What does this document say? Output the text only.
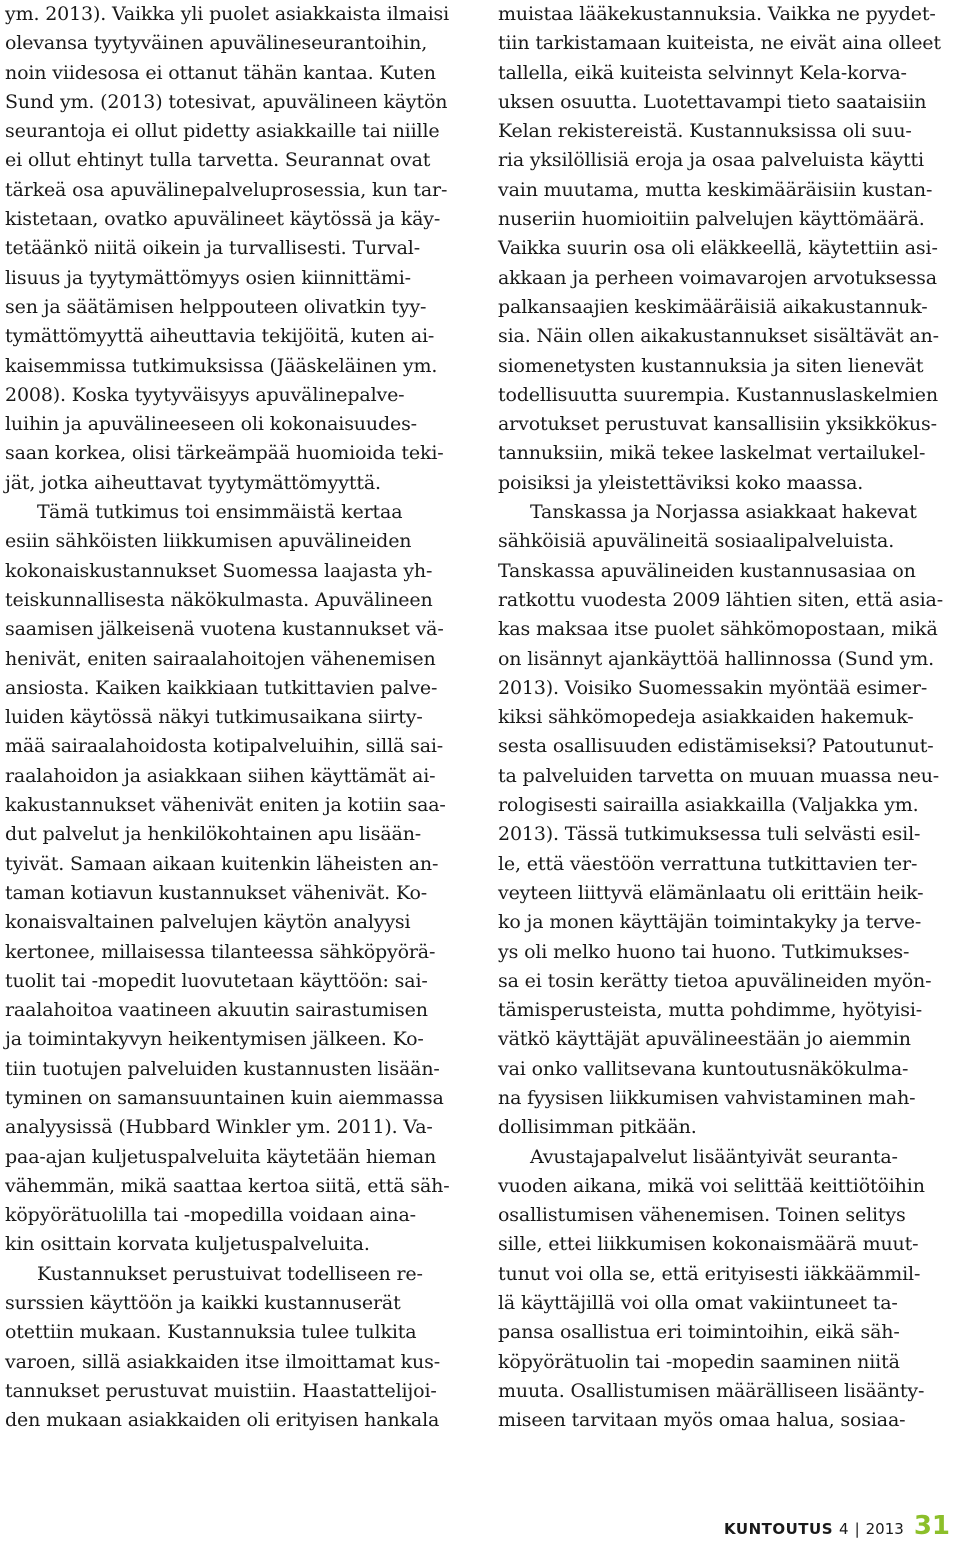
ym. 2013). Vaikka yli puolet asiakkaista ilmaisi
olevansa tyytyväinen apuvälineseurantoihin,
noin viidesosa ei ottanut tähän kantaa. Kuten
Sund ym. (2013) totesivat, apuvälineen käytön
seurantoja ei ollut pidetty asiakkaille tai niille
ei ollut ehtinyt tulla tarvetta. Seurannat ovat
tärkeä osa apuvälinepalveluprosessia, kun tar-
kistetaan, ovatko apuvälineet käytössä ja käy-
tetäänkö niitä oikein ja turvallisesti. Turval-
lisuus ja tyytymättömyys osien kiinnittämi-
sen ja säätämisen helppouteen olivatkin tyy-
tymättömyyttä aiheuttavia tekijöitä, kuten ai-
kaisemmissa tutkimuksissa (Jääskeläinen ym.
2008). Koska tyytyväisyys apuvälinepalve-
luihin ja apuvälineeseen oli kokonaisuudes-
saan korkea, olisi tärkeämpää huomioida teki-
jät, jotka aiheuttavat tyytymättömyyttä.
Tämä tutkimus toi ensimmäistä kertaa
esiin sähköisten liikkumisen apuvälineiden
kokonaiskustannukset Suomessa laajasta yh-
teiskunnallisesta näkökulmasta. Apuvälineen
saamisen jälkeisenä vuotena kustannukset vä-
henivät, eniten sairaalahoitojen vähenemisen
ansiosta. Kaiken kaikkiaan tutkittavien palve-
luiden käytössä näkyi tutkimusaikana siirty-
mää sairaalahoidosta kotipalveluihin, sillä sai-
raalahoidon ja asiakkaan siihen käyttämät ai-
kakustannukset vähenivät eniten ja kotiin saa-
dut palvelut ja henkilökohtainen apu lisään-
tyivät. Samaan aikaan kuitenkin läheisten an-
taman kotiavun kustannukset vähenivät. Ko-
konaisvaltainen palvelujen käytön analyysi
kertonee, millaisessa tilanteessa sähköpyörä-
tuolit tai -mopedit luovutetaan käyttöön: sai-
raalahoitoa vaatineen akuutin sairastumisen
ja toimintakyvyn heikentymisen jälkeen. Ko-
tiin tuotujen palveluiden kustannusten lisään-
tyminen on samansuuntainen kuin aiemmassa
analyysissä (Hubbard Winkler ym. 2011). Va-
paa-ajan kuljetuspalveluita käytetään hieman
vähemmän, mikä saattaa kertoa siitä, että säh-
köpyörätuolilla tai -mopedilla voidaan aina-
kin osittain korvata kuljetuspalveluita.
Kustannukset perustuivat todelliseen re-
surssien käyttöön ja kaikki kustannuserät
otettiin mukaan. Kustannuksia tulee tulkita
varoen, sillä asiakkaiden itse ilmoittamat kus-
tannukset perustuvat muistiin. Haastattelijoi-
den mukaan asiakkaiden oli erityisen hankala
muistaa lääkekustannuksia. Vaikka ne pyydet-
tiin tarkistamaan kuiteista, ne eivät aina olleet
tallella, eikä kuiteista selvinnyt Kela-korva-
uksen osuutta. Luotettavampi tieto saataisiin
Kelan rekistereistä. Kustannuksissa oli suu-
ria yksilöllisiä eroja ja osaa palveluista käytti
vain muutama, mutta keskimääräisiin kustan-
nuseriin huomioitiin palvelujen käyttömäärä.
Vaikka suurin osa oli eläkkeellä, käytettiin asi-
akkaan ja perheen voimavarojen arvotuksessa
palkansaajien keskimääräisiä aikakustannuk-
sia. Näin ollen aikakustannukset sisältävät an-
siomenetysten kustannuksia ja siten lienevät
todellisuutta suurempia. Kustannuslaskelmien
arvotukset perustuvat kansallisiin yksikkökus-
tannuksiin, mikä tekee laskelmat vertailukel-
poisiksi ja yleistettäviksi koko maassa.
Tanskassa ja Norjassa asiakkaat hakevat
sähköisiä apuvälineitä sosiaalipalveluista.
Tanskassa apuvälineiden kustannusasiaa on
ratkottu vuodesta 2009 lähtien siten, että asia-
kas maksaa itse puolet sähkömopostaan, mikä
on lisännyt ajankäyttöä hallinnossa (Sund ym.
2013). Voisiko Suomessakin myöntää esimer-
kiksi sähkömopedeja asiakkaiden hakemuk-
sesta osallisuuden edistämiseksi? Patoutunut-
ta palveluiden tarvetta on muuan muassa neu-
rologisesti sairailla asiakkailla (Valjakka ym.
2013). Tässä tutkimuksessa tuli selvästi esil-
le, että väestöön verrattuna tutkittavien ter-
veyteen liittyvä elämänlaatu oli erittäin heik-
ko ja monen käyttäjän toimintakyky ja terve-
ys oli melko huono tai huono. Tutkimukses-
sa ei tosin kerätty tietoa apuvälineiden myön-
tämisperusteista, mutta pohdimme, hyötyisi-
vätkö käyttäjät apuvälineestään jo aiemmin
vai onko vallitsevana kuntoutusnäkökulma-
na fyysisen liikkumisen vahvistaminen mah-
dollisimman pitkään.
Avustajapalvelut lisääntyivät seuranta-
vuoden aikana, mikä voi selittää keittiötöihin
osallistumisen vähenemisen. Toinen selitys
sille, ettei liikkumisen kokonaismäärä muut-
tunut voi olla se, että erityisesti iäkkäämmil-
lä käyttäjillä voi olla omat vakiintuneet ta-
pansa osallistua eri toimintoihin, eikä säh-
köpyörätuolin tai -mopedin saaminen niitä
muuta. Osallistumisen määrälliseen lisäänty-
miseen tarvitaan myös omaa halua, sosiaa-
KUNTOUTUS 4 | 2013 31
